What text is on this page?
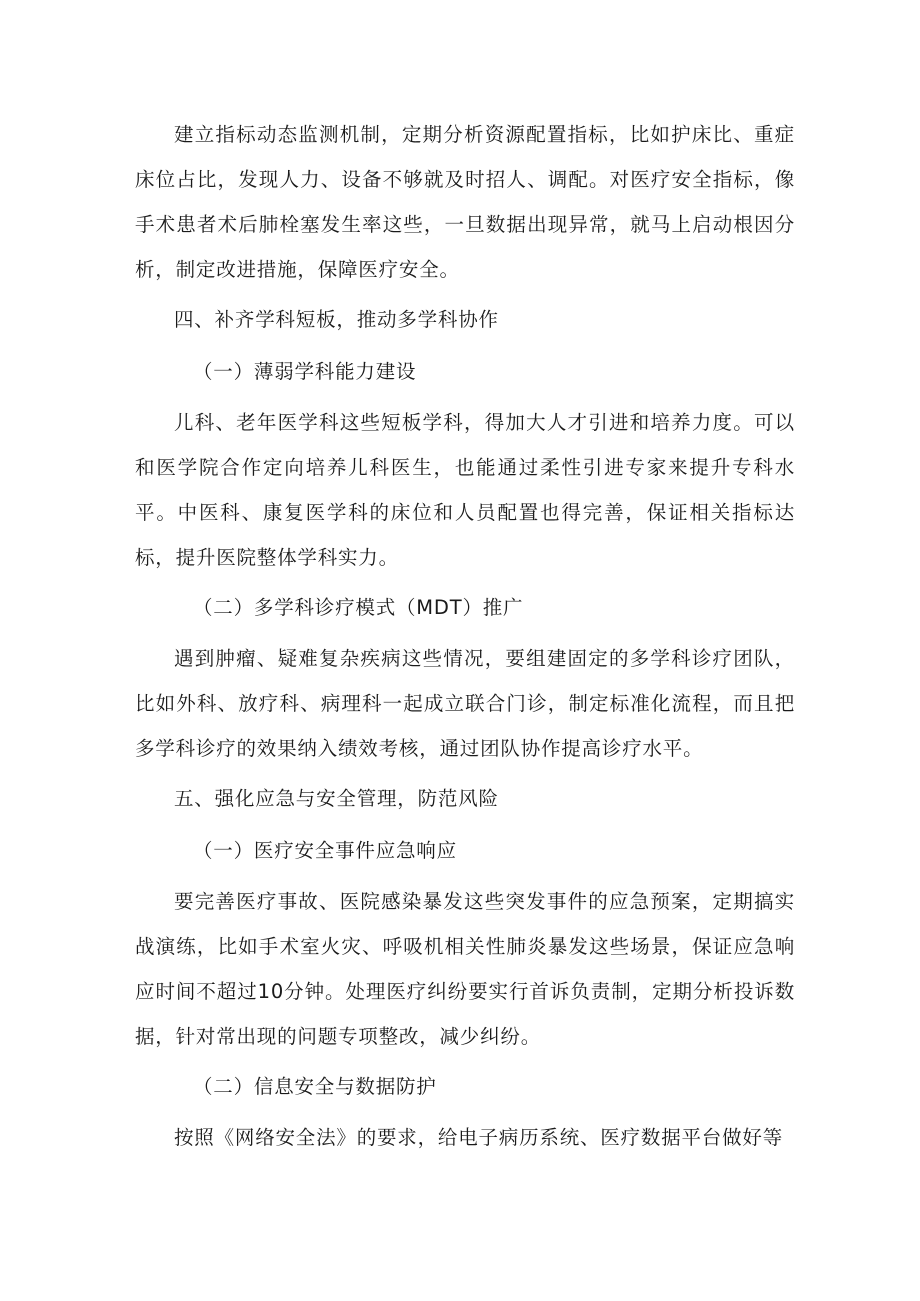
建立指标动态监测机制，定期分析资源配置指标，比如护床比、重症床位占比，发现人力、设备不够就及时招人、调配。对医疗安全指标，像手术患者术后肺栓塞发生率这些，一旦数据出现异常，就马上启动根因分析，制定改进措施，保障医疗安全。

四、补齐学科短板，推动多学科协作

（一）薄弱学科能力建设

儿科、老年医学科这些短板学科，得加大人才引进和培养力度。可以和医学院合作定向培养儿科医生，也能通过柔性引进专家来提升专科水平。中医科、康复医学科的床位和人员配置也得完善，保证相关指标达标，提升医院整体学科实力。

（二）多学科诊疗模式（MDT）推广

遇到肿瘤、疑难复杂疾病这些情况，要组建固定的多学科诊疗团队，比如外科、放疗科、病理科一起成立联合门诊，制定标准化流程，而且把多学科诊疗的效果纳入绩效考核，通过团队协作提高诊疗水平。

五、强化应急与安全管理，防范风险

（一）医疗安全事件应急响应

要完善医疗事故、医院感染暴发这些突发事件的应急预案，定期搞实战演练，比如手术室火灾、呼吸机相关性肺炎暴发这些场景，保证应急响应时间不超过10分钟。处理医疗纠纷要实行首诉负责制，定期分析投诉数据，针对常出现的问题专项整改，减少纠纷。

（二）信息安全与数据防护

按照《网络安全法》的要求，给电子病历系统、医疗数据平台做好等
